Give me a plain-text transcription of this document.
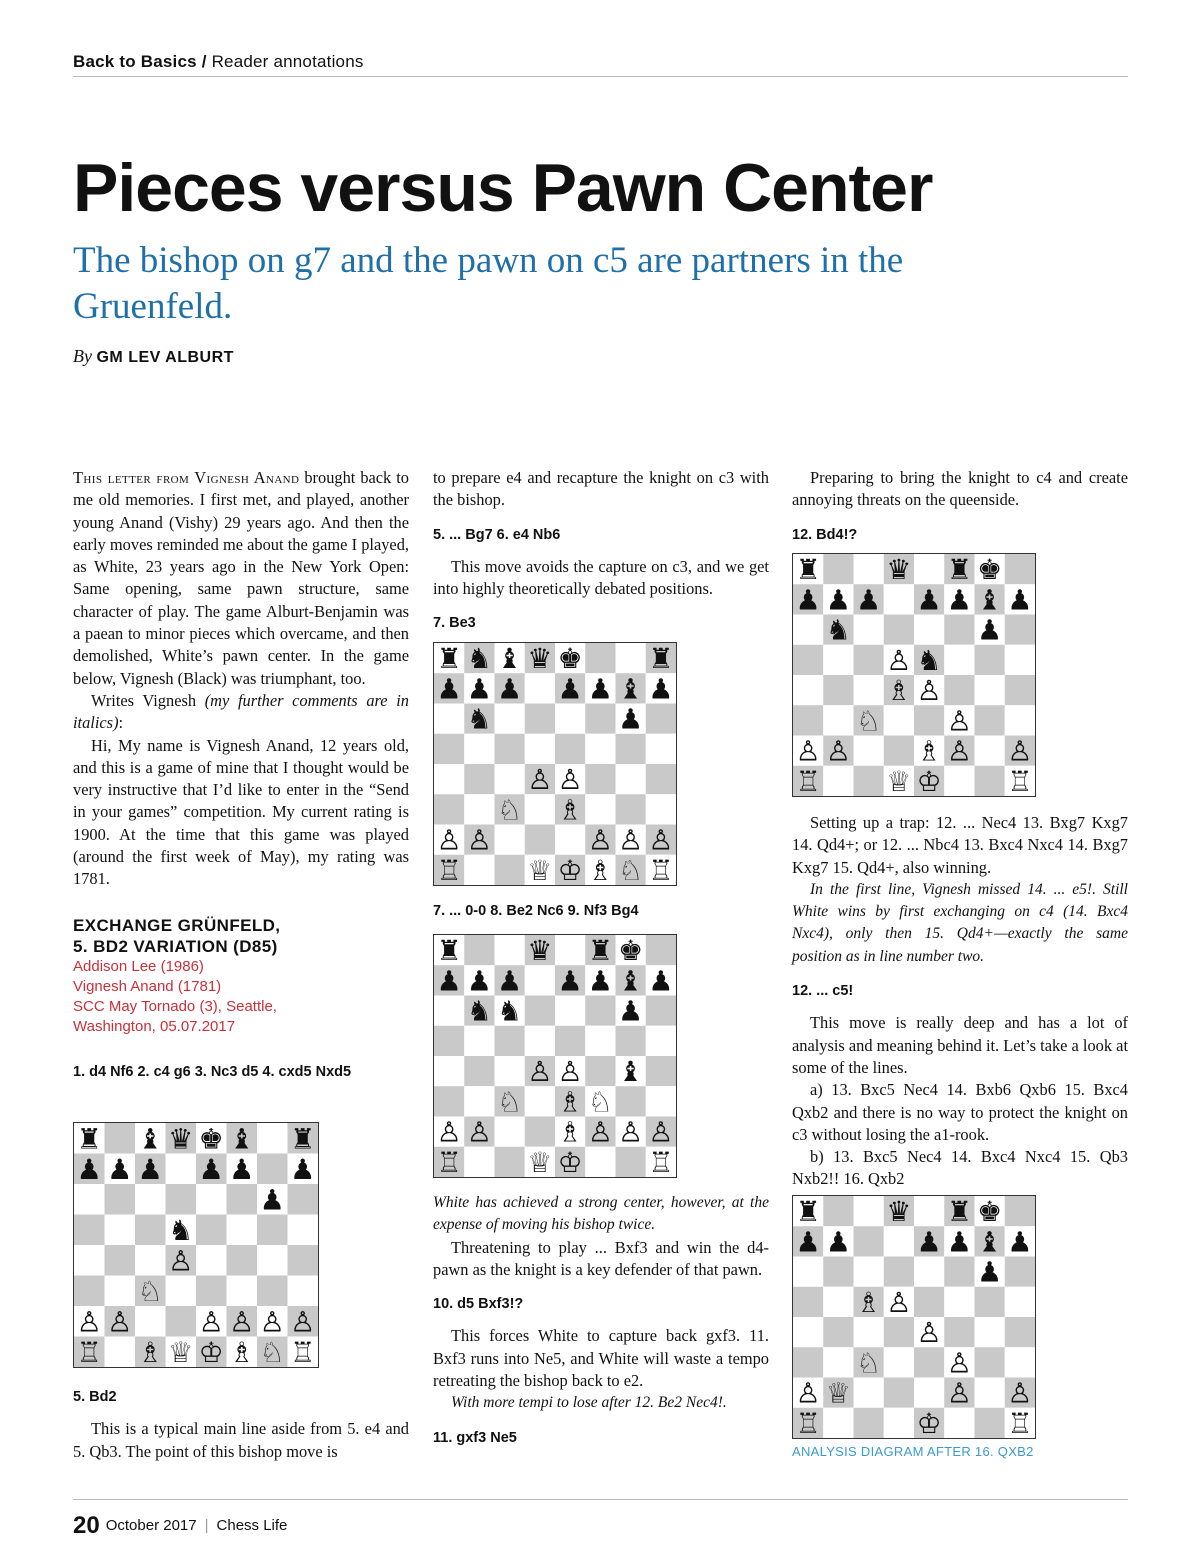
Back to Basics / Reader annotations
Pieces versus Pawn Center
The bishop on g7 and the pawn on c5 are partners in the Gruenfeld.
By GM LEV ALBURT

This letter from Vignesh Anand brought back to me old memories. I first met, and played, another young Anand (Vishy) 29 years ago. And then the early moves reminded me about the game I played, as White, 23 years ago in the New York Open: Same opening, same pawn structure, same character of play. The game Alburt-Benjamin was a paean to minor pieces which overcame, and then demolished, White’s pawn center. In the game below, Vignesh (Black) was triumphant, too.

Writes Vignesh (my further comments are in italics):

Hi, My name is Vignesh Anand, 12 years old, and this is a game of mine that I thought would be very instructive that I’d like to enter in the “Send in your games” competition. My current rating is 1900. At the time that this game was played (around the first week of May), my rating was 1781.

EXCHANGE GRÜNFELD,
5. BD2 VARIATION (D85)
Addison Lee (1986)
Vignesh Anand (1781)
SCC May Tornado (3), Seattle,
Washington, 05.07.2017

1. d4 Nf6 2. c4 g6 3. Nc3 d5 4. cxd5 Nxd5

♜ ♝ ♛ ♚ ♝ ♜
♟ ♟ ♟ ♟ ♟ ♟
♟
♞
♙
♘
♙ ♙ ♙ ♙ ♙ ♙
♖ ♗ ♕ ♔ ♗ ♘ ♖

5. Bd2

This is a typical main line aside from 5. e4 and 5. Qb3. The point of this bishop move is

to prepare e4 and recapture the knight on c3 with the bishop.

5. ... Bg7 6. e4 Nb6

This move avoids the capture on c3, and we get into highly theoretically debated positions.

7. Be3

♜ ♞ ♝ ♛ ♚ ♜
♟ ♟ ♟ ♟ ♟ ♝ ♟
♞	♟
♙ ♙
♘ ♗
♙ ♙	♙ ♙ ♙
♖ ♕ ♔ ♗ ♘ ♖

7. ... 0-0 8. Be2 Nc6 9. Nf3 Bg4

♜ ♛ ♜ ♚
♟ ♟ ♟ ♟ ♟ ♝ ♟
♞ ♞	♟
♙ ♙ ♝
♘ ♗ ♘
♙ ♙ ♗ ♙ ♙ ♙
♖ ♕ ♔ ♖

White has achieved a strong center, however, at the expense of moving his bishop twice.

Threatening to play ... Bxf3 and win the d4-pawn as the knight is a key defender of that pawn.

10. d5 Bxf3!?

This forces White to capture back gxf3. 11. Bxf3 runs into Ne5, and White will waste a tempo retreating the bishop back to e2.

With more tempi to lose after 12. Be2 Nec4!.

11. gxf3 Ne5

Preparing to bring the knight to c4 and create annoying threats on the queenside.

12. Bd4!?

♜ ♛ ♜ ♚
♟ ♟ ♟ ♟ ♟ ♝ ♟
♞	♟
♙ ♞
♗ ♙
♘ ♙
♙ ♙ ♗ ♙ ♙
♖ ♕ ♔ ♖

Setting up a trap: 12. ... Nec4 13. Bxg7 Kxg7 14. Qd4+; or 12. ... Nbc4 13. Bxc4 Nxc4 14. Bxg7 Kxg7 15. Qd4+, also winning.

In the first line, Vignesh missed 14. ... e5!. Still White wins by first exchanging on c4 (14. Bxc4 Nxc4), only then 15. Qd4+—exactly the same position as in line number two.

12. ... c5!

This move is really deep and has a lot of analysis and meaning behind it. Let’s take a look at some of the lines.

a) 13. Bxc5 Nec4 14. Bxb6 Qxb6 15. Bxc4 Qxb2 and there is no way to protect the knight on c3 without losing the a1-rook.

b) 13. Bxc5 Nec4 14. Bxc4 Nxc4 15. Qb3 Nxb2!! 16. Qxb2

♜ ♛ ♜ ♚
♟ ♟ ♟ ♟ ♝ ♟
♟
♗ ♙
♙
♘ ♙
♙ ♕	♙ ♙
♖	♔ ♖
ANALYSIS DIAGRAM AFTER 16. QXB2
20 October 2017 | Chess Life
